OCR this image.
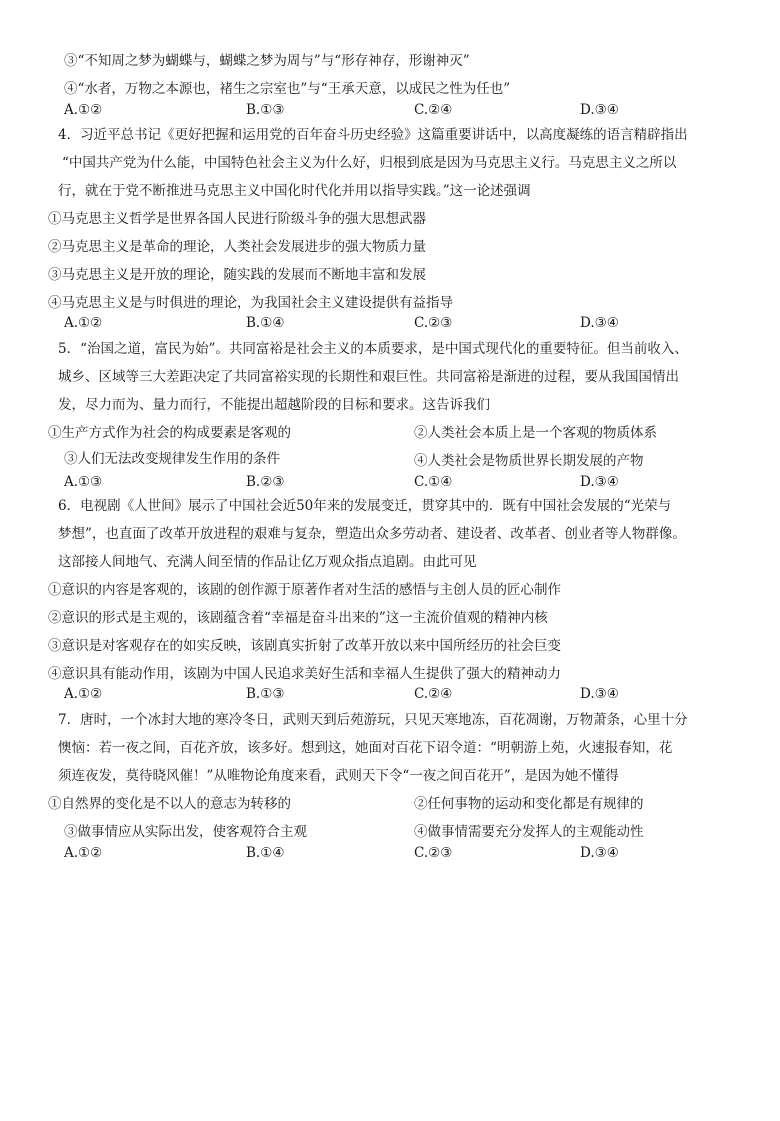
③“不知周之梦为蝴蝶与，蝴蝶之梦为周与”与“形存神存，形谢神灭”
④“水者，万物之本源也，褚生之宗室也”与“王承天意，以成民之性为任也”
A.①②	B.①③	C.②④	D.③④
4．习近平总书记《更好把握和运用党的百年奋斗历史经验》这篇重要讲话中，以高度凝练的语言精辟指出
“中国共产党为什么能，中国特色社会主义为什么好，归根到底是因为马克思主义行。马克思主义之所以
行，就在于党不断推进马克思主义中国化时代化并用以指导实践。”这一论述强调
①马克思主义哲学是世界各国人民进行阶级斗争的强大思想武器
②马克思主义是革命的理论，人类社会发展进步的强大物质力量
③马克思主义是开放的理论，随实践的发展而不断地丰富和发展
④马克思主义是与时俱进的理论，为我国社会主义建设提供有益指导
A.①②	B.①④	C.②③	D.③④
5．“治国之道，富民为始”。共同富裕是社会主义的本质要求，是中国式现代化的重要特征。但当前收入、
城乡、区域等三大差距决定了共同富裕实现的长期性和艰巨性。共同富裕是渐进的过程，要从我国国情出
发，尽力而为、量力而行，不能提出超越阶段的目标和要求。这告诉我们
①生产方式作为社会的构成要素是客观的	②人类社会本质上是一个客观的物质体系
③人们无法改变规律发生作用的条件	④人类社会是物质世界长期发展的产物
A.①③	B.②③	C.①④	D.③④
6．电视剧《人世间》展示了中国社会近50年来的发展变迁，贯穿其中的．既有中国社会发展的“光荣与
梦想”，也直面了改革开放进程的艰难与复杂，塑造出众多劳动者、建设者、改革者、创业者等人物群像。
这部接人间地气、充满人间至情的作品让亿万观众指点追剧。由此可见
①意识的内容是客观的，该剧的创作源于原著作者对生活的感悟与主创人员的匠心制作
②意识的形式是主观的，该剧蕴含着“幸福是奋斗出来的”这一主流价值观的精神内核
③意识是对客观存在的如实反映，该剧真实折射了改革开放以来中国所经历的社会巨变
④意识具有能动作用，该剧为中国人民追求美好生活和幸福人生提供了强大的精神动力
A.①②	B.①③	C.②④	D.③④
7．唐时，一个冰封大地的寒冷冬日，武则天到后苑游玩，只见天寒地冻，百花凋谢，万物萧条，心里十分
懊恼：若一夜之间，百花齐放，该多好。想到这，她面对百花下诏令道：“明朝游上苑，火速报春知，花
须连夜发，莫待晓风催！”从唯物论角度来看，武则天下令“一夜之间百花开”，是因为她不懂得
①自然界的变化是不以人的意志为转移的	②任何事物的运动和变化都是有规律的
③做事情应从实际出发，使客观符合主观	④做事情需要充分发挥人的主观能动性
A.①②	B.①④	C.②③	D.③④
